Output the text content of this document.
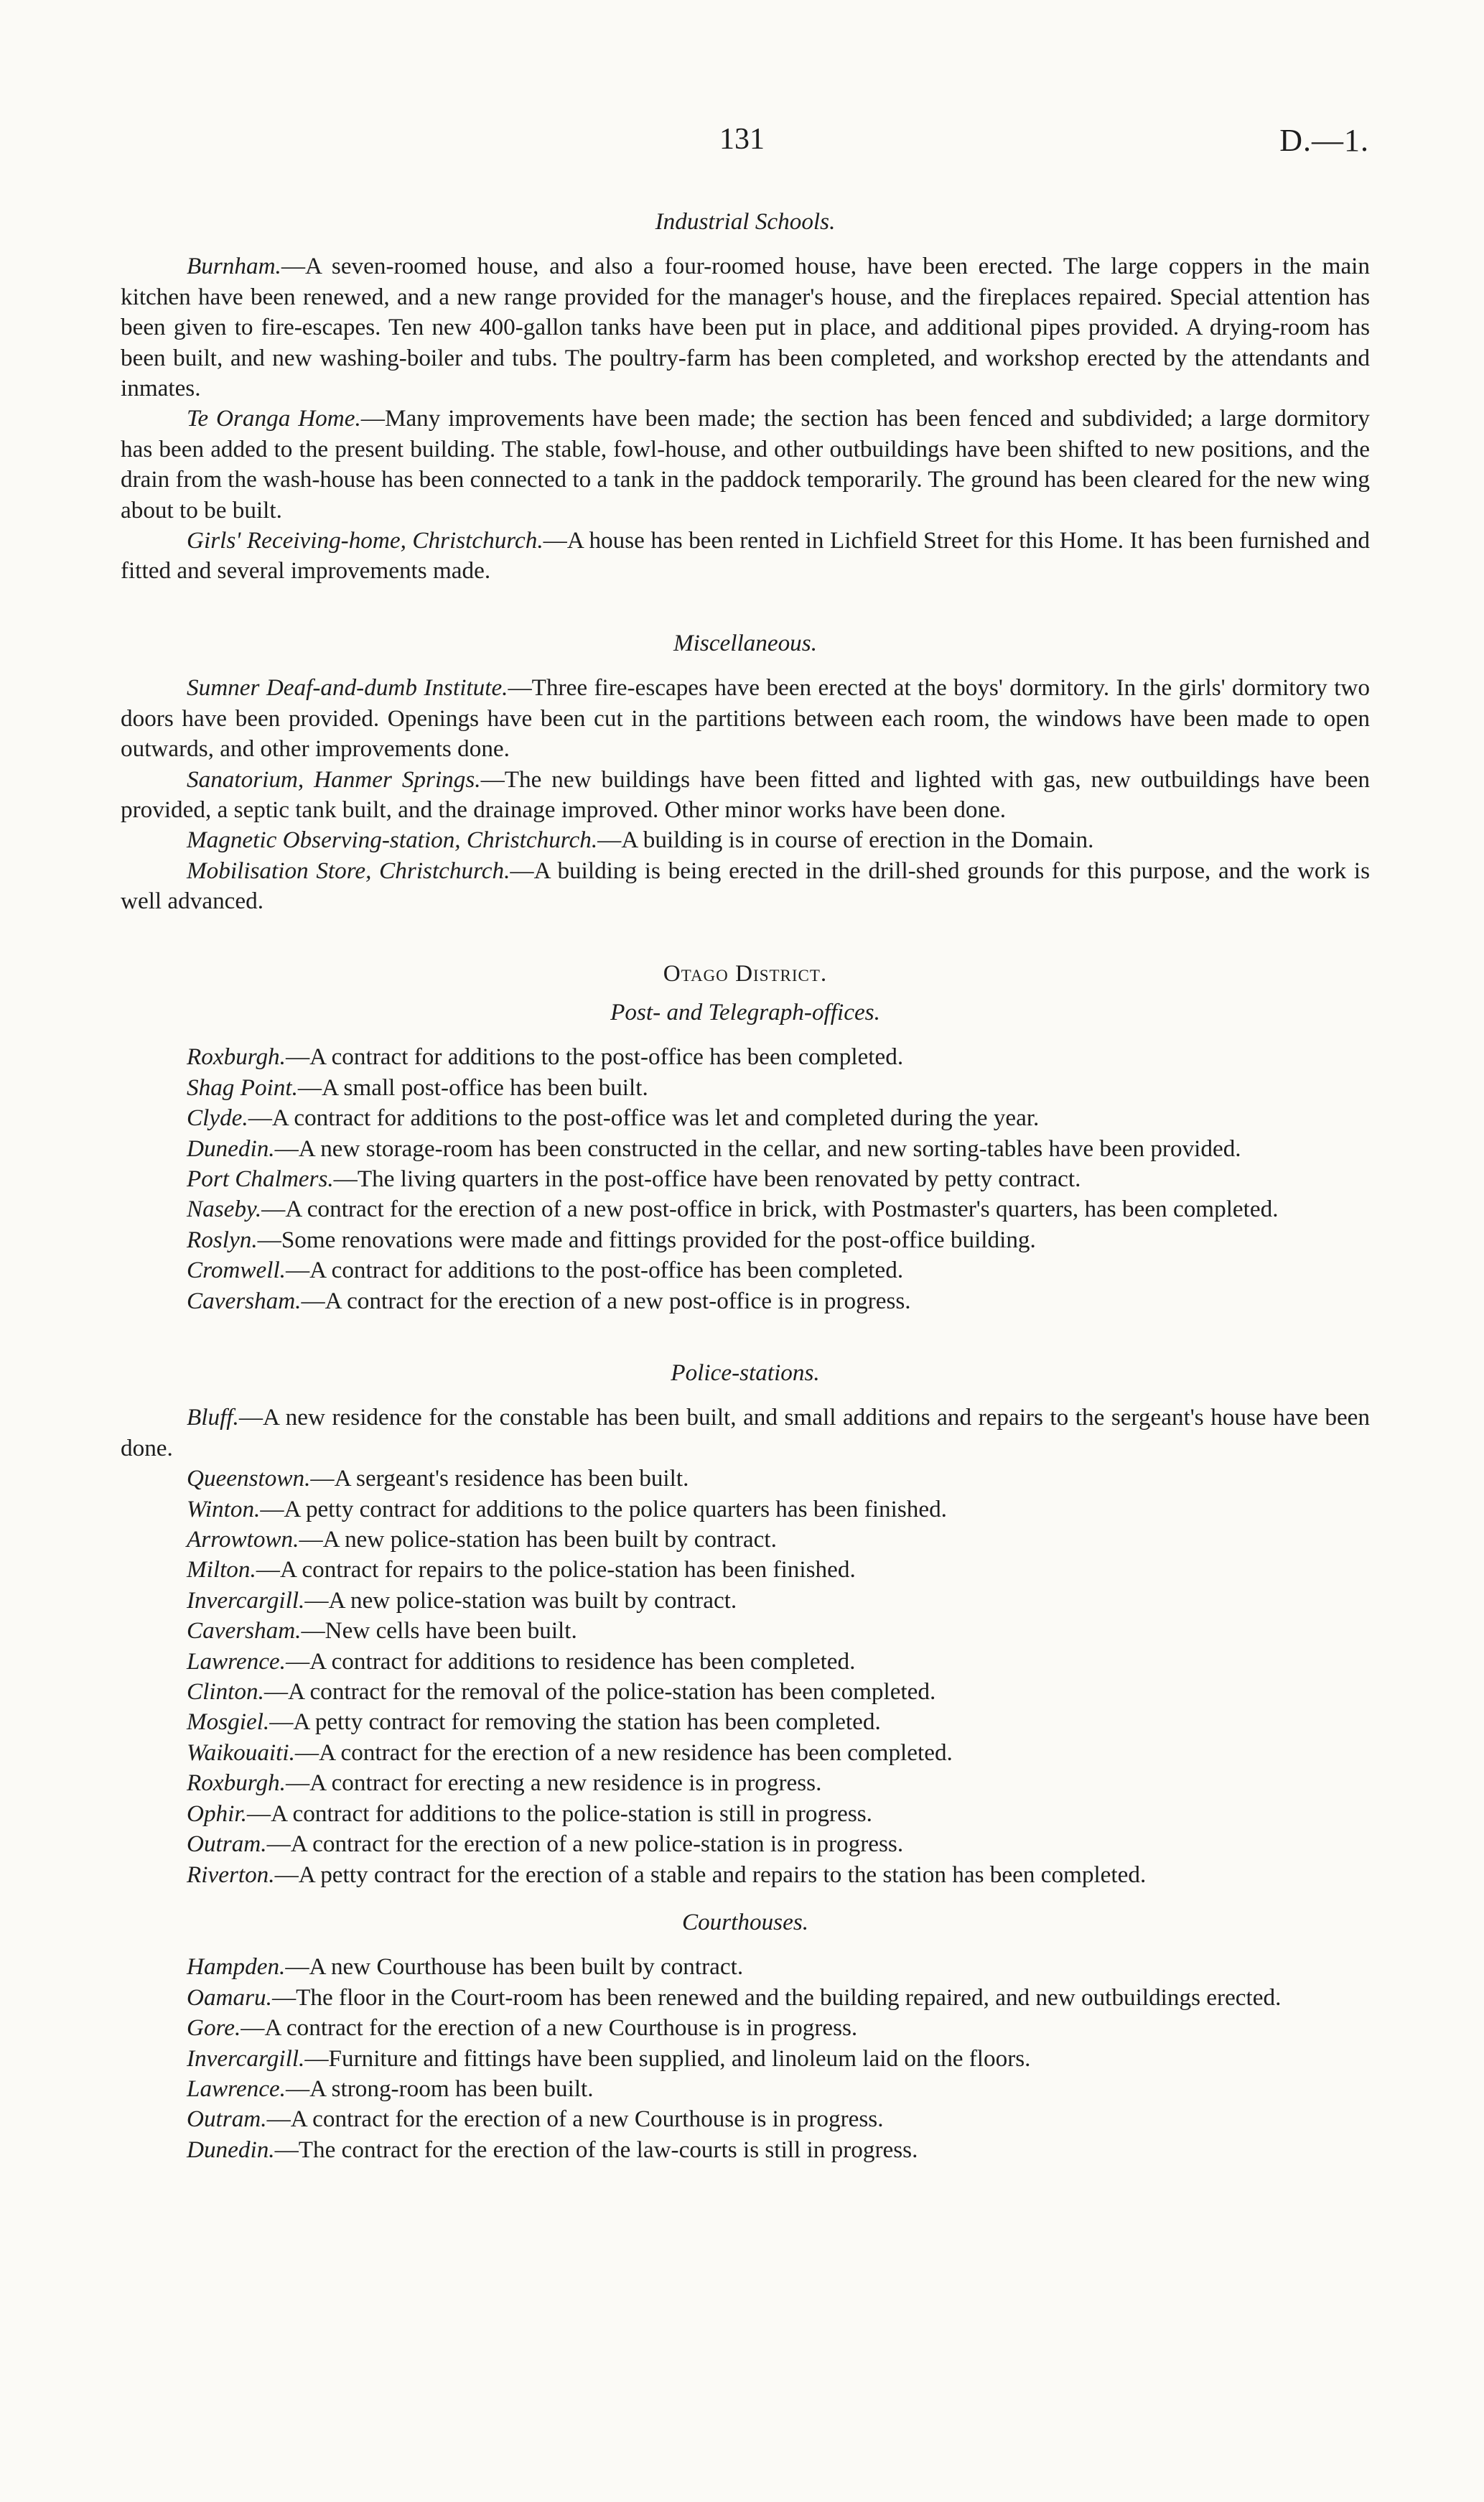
131	D.—1.

Industrial Schools.

Burnham.—A seven-roomed house, and also a four-roomed house, have been erected. The large coppers in the main kitchen have been renewed, and a new range provided for the manager's house, and the fireplaces repaired. Special attention has been given to fire-escapes. Ten new 400-gallon tanks have been put in place, and additional pipes provided. A drying-room has been built, and new washing-boiler and tubs. The poultry-farm has been completed, and workshop erected by the attendants and inmates.

Te Oranga Home.—Many improvements have been made; the section has been fenced and subdivided; a large dormitory has been added to the present building. The stable, fowl-house, and other outbuildings have been shifted to new positions, and the drain from the wash-house has been connected to a tank in the paddock temporarily. The ground has been cleared for the new wing about to be built.

Girls' Receiving-home, Christchurch.—A house has been rented in Lichfield Street for this Home. It has been furnished and fitted and several improvements made.

Miscellaneous.

Sumner Deaf-and-dumb Institute.—Three fire-escapes have been erected at the boys' dormitory. In the girls' dormitory two doors have been provided. Openings have been cut in the partitions between each room, the windows have been made to open outwards, and other improvements done.

Sanatorium, Hanmer Springs.—The new buildings have been fitted and lighted with gas, new outbuildings have been provided, a septic tank built, and the drainage improved. Other minor works have been done.

Magnetic Observing-station, Christchurch.—A building is in course of erection in the Domain.

Mobilisation Store, Christchurch.—A building is being erected in the drill-shed grounds for this purpose, and the work is well advanced.

Otago District.

Post- and Telegraph-offices.

Roxburgh.—A contract for additions to the post-office has been completed.

Shag Point.—A small post-office has been built.

Clyde.—A contract for additions to the post-office was let and completed during the year.

Dunedin.—A new storage-room has been constructed in the cellar, and new sorting-tables have been provided.

Port Chalmers.—The living quarters in the post-office have been renovated by petty contract.

Naseby.—A contract for the erection of a new post-office in brick, with Postmaster's quarters, has been completed.

Roslyn.—Some renovations were made and fittings provided for the post-office building.

Cromwell.—A contract for additions to the post-office has been completed.

Caversham.—A contract for the erection of a new post-office is in progress.

Police-stations.

Bluff.—A new residence for the constable has been built, and small additions and repairs to the sergeant's house have been done.

Queenstown.—A sergeant's residence has been built.

Winton.—A petty contract for additions to the police quarters has been finished.

Arrowtown.—A new police-station has been built by contract.

Milton.—A contract for repairs to the police-station has been finished.

Invercargill.—A new police-station was built by contract.

Caversham.—New cells have been built.

Lawrence.—A contract for additions to residence has been completed.

Clinton.—A contract for the removal of the police-station has been completed.

Mosgiel.—A petty contract for removing the station has been completed.

Waikouaiti.—A contract for the erection of a new residence has been completed.

Roxburgh.—A contract for erecting a new residence is in progress.

Ophir.—A contract for additions to the police-station is still in progress.

Outram.—A contract for the erection of a new police-station is in progress.

Riverton.—A petty contract for the erection of a stable and repairs to the station has been completed.

Courthouses.

Hampden.—A new Courthouse has been built by contract.

Oamaru.—The floor in the Court-room has been renewed and the building repaired, and new outbuildings erected.

Gore.—A contract for the erection of a new Courthouse is in progress.

Invercargill.—Furniture and fittings have been supplied, and linoleum laid on the floors.

Lawrence.—A strong-room has been built.

Outram.—A contract for the erection of a new Courthouse is in progress.

Dunedin.—The contract for the erection of the law-courts is still in progress.
